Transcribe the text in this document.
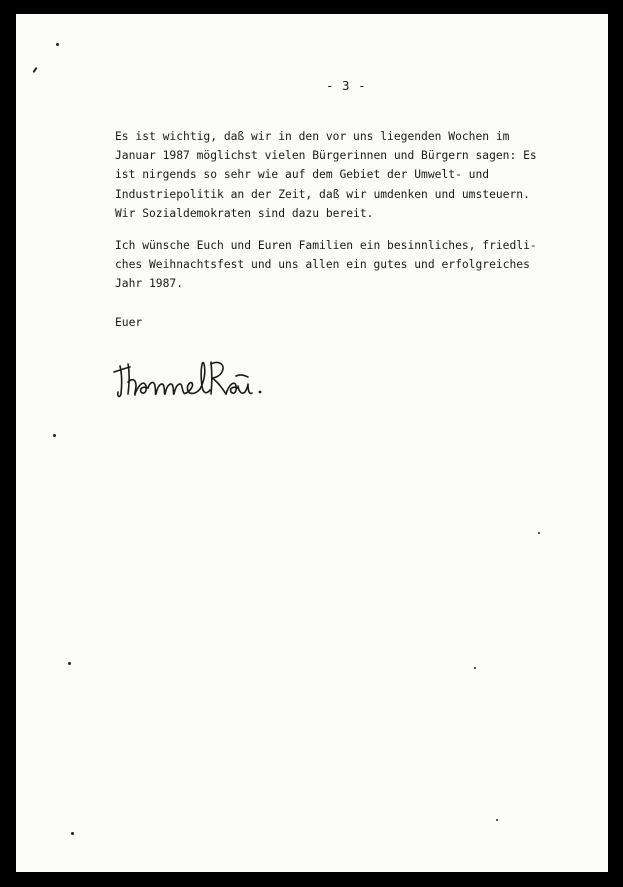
- 3 -

Es ist wichtig, daß wir in den vor uns liegenden Wochen im
Januar 1987 möglichst vielen Bürgerinnen und Bürgern sagen: Es
ist nirgends so sehr wie auf dem Gebiet der Umwelt- und
Industriepolitik an der Zeit, daß wir umdenken und umsteuern.
Wir Sozialdemokraten sind dazu bereit.

Ich wünsche Euch und Euren Familien ein besinnliches, friedli-
ches Weihnachtsfest und uns allen ein gutes und erfolgreiches
Jahr 1987.

Euer
